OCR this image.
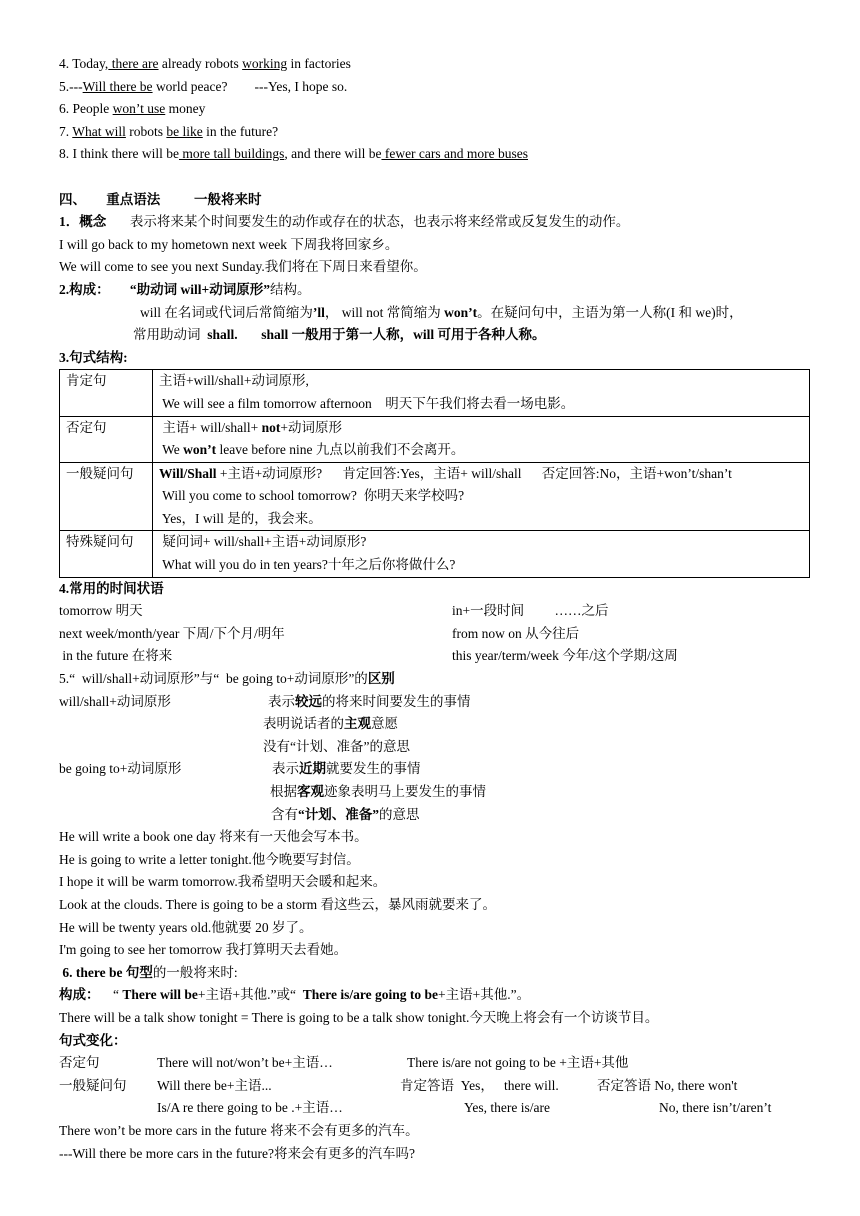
4. Today, there are already robots working in factories
5.---Will there be world peace?        ---Yes, I hope so.
6. People won’t use money
7. What will robots be like in the future?
8. I think there will be more tall buildings, and there will be fewer cars and more buses
四、      重点语法          一般将来时
1．概念       表示将来某个时间要发生的动作或存在的状态，也表示将来经常或反复发生的动作。
I will go back to my hometown next week 下周我将回家乡。
We will come to see you next Sunday.我们将在下周日来看望你。
2.构成：      “助动词 will+动词原形”结构。
will 在名词或代词后常简缩为’ll， will not 常简缩为 won’t。在疑问句中，主语为第一人称(I 和 we)时，
常用助动词  shall.       shall 一般用于第一人称，will 可用于各种人称。
3.句式结构:
肯定句	主语+will/shall+动词原形,
We will see a film tomorrow afternoon    明天下午我们将去看一场电影。

否定句	主语+ will/shall+ not+动词原形
We won’t leave before nine 九点以前我们不会离开。

一般疑问句	Will/Shall +主语+动词原形?      肯定回答:Yes，主语+ will/shall      否定回答:No，主语+won’t/shan’t
Will you come to school tomorrow?  你明天来学校吗?
Yes，I will 是的，我会来。

特殊疑问句	疑问词+ will/shall+主语+动词原形?
What will you do in ten years?十年之后你将做什么?
4.常用的时间状语
tomorrow 明天	in+一段时间         ……之后
next week/month/year 下周/下个月/明年	from now on 从今往后
in the future 在将来	this year/term/week 今年/这个学期/这周
5.“  will/shall+动词原形”与“  be going to+动词原形”的区别
will/shall+动词原形	表示较远的将来时间要发生的事情
表明说话者的主观意愿
没有“计划、准备”的意思
be going to+动词原形	表示近期就要发生的事情
根据客观迹象表明马上要发生的事情
含有“计划、准备”的意思
He will write a book one day 将来有一天他会写本书。
He is going to write a letter tonight.他今晚要写封信。
I hope it will be warm tomorrow.我希望明天会暖和起来。
Look at the clouds. There is going to be a storm 看这些云，暴风雨就要来了。
He will be twenty years old.他就要 20 岁了。
I'm going to see her tomorrow 我打算明天去看她。
6. there be 句型的一般将来时:
构成：    “ There will be+主语+其他.”或“  There is/are going to be+主语+其他.”。
There will be a talk show tonight = There is going to be a talk show tonight.今天晚上将会有一个访谈节目。
句式变化：
否定句	There will not/won’t be+主语…	There is/are not going to be +主语+其他
一般疑问句 Will there be+主语...	肯定答语  Yes，   there will.	否定答语 No, there won't
Is/A re there going to be .+主语…	Yes, there is/are	No, there isn’t/aren’t
There won’t be more cars in the future 将来不会有更多的汽车。
---Will there be more cars in the future?将来会有更多的汽车吗?
